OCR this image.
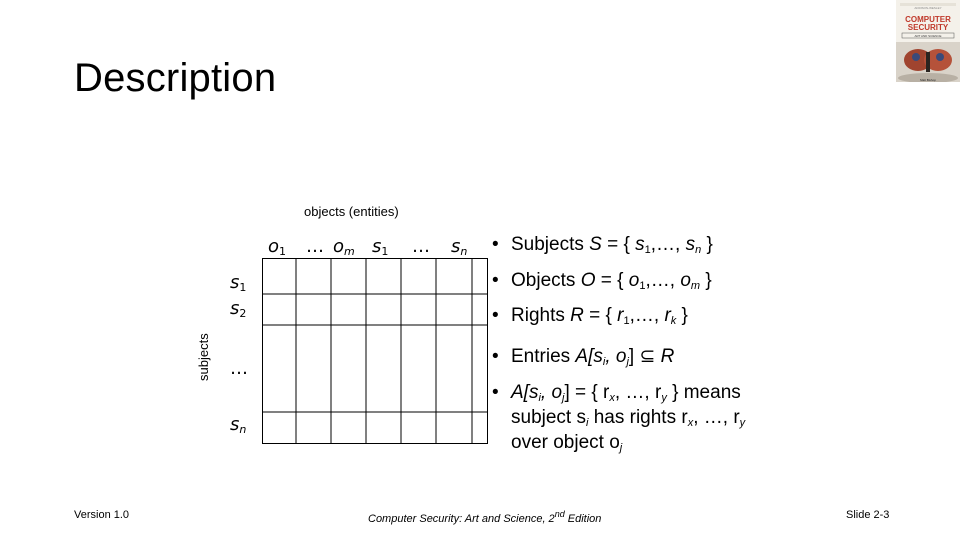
Description
ADDISON-WESLEY
COMPUTER
SECURITY
ART AND SCIENCE
Matt Bishop
objects (entities)
subjects
$o_1$ … $o_m$ $s_1$ … $s_n$
$s_1$
$s_2$
…
$s_n$
• Subjects S = { $s_1,\dots$, $s_n$ }
• Objects O = { $o_1,\dots$, $o_m$ }
• Rights R = { $r_1,\dots$, $r_k$ }
• Entries $A[s_i$, $o_j$] ⊆ R
• $A[s_i$, $o_j$] = { $r_x$, …, $r_y$ } means
subject $s_i$ has rights $r_x$, …, $r_y$
over object $o_j$
Version 1.0	Computer Security: Art and Science, 2nd Edition	Slide 2-3
